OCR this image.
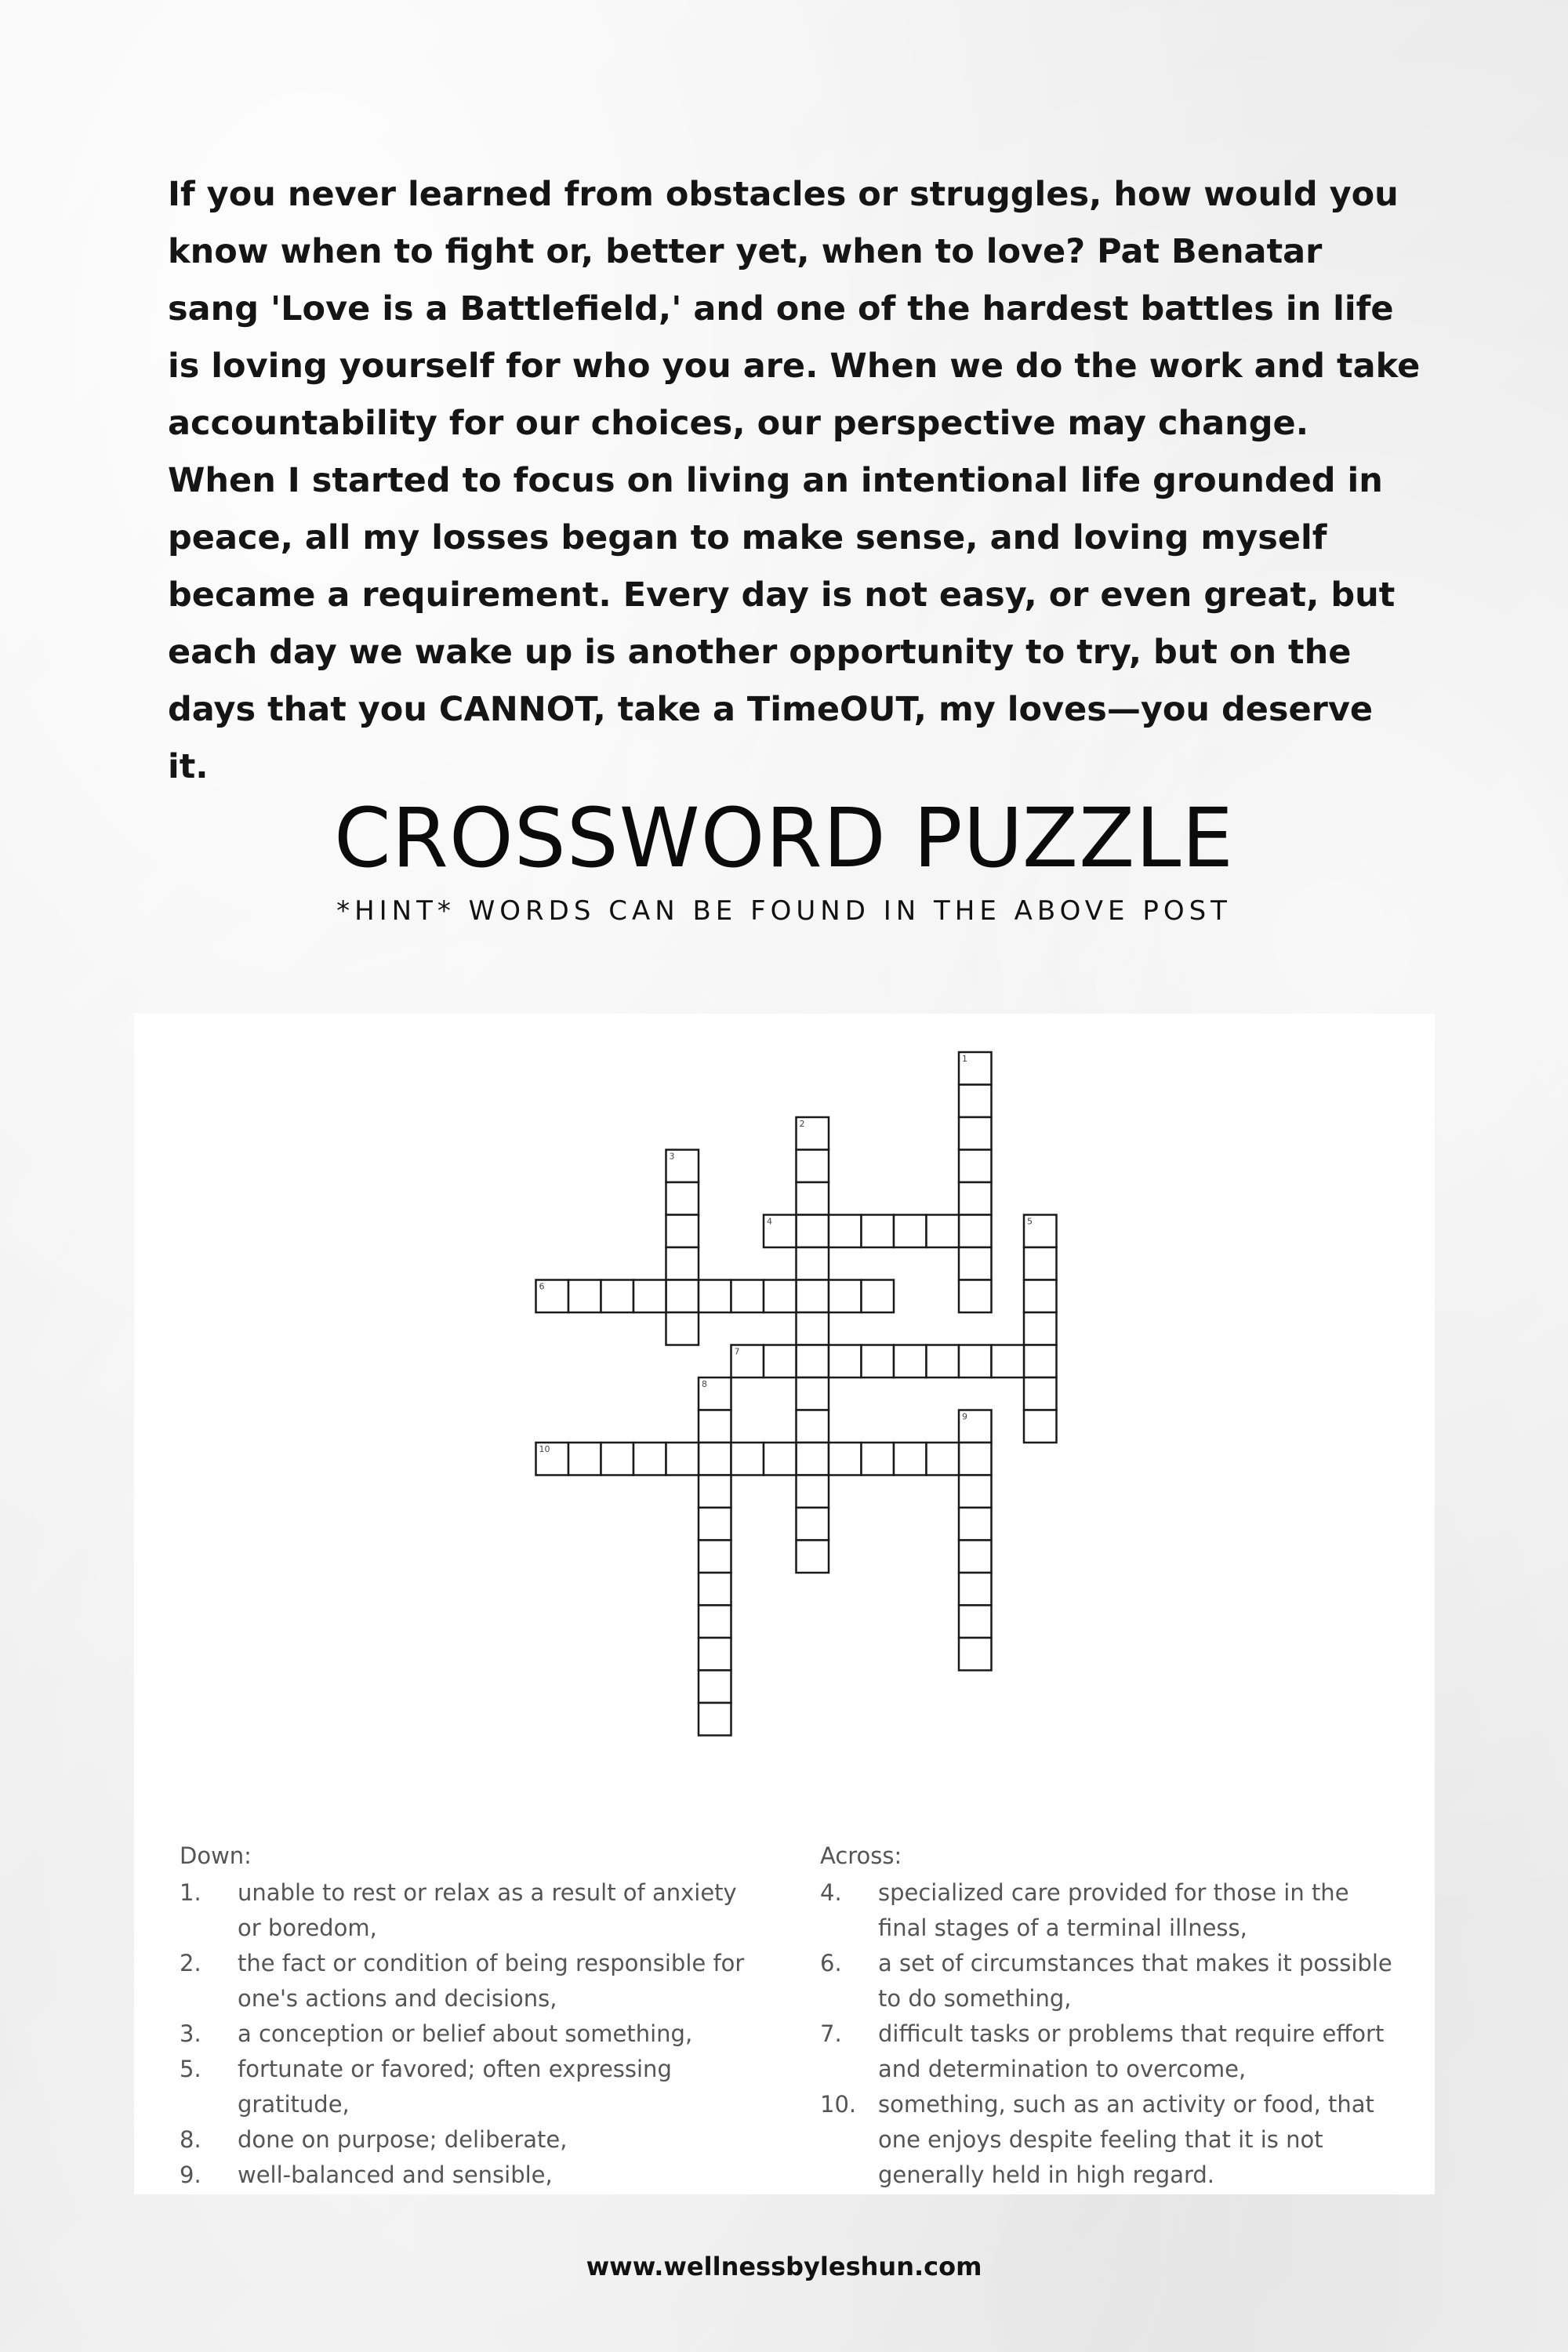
If you never learned from obstacles or struggles, how would you know when to fight or, better yet, when to love? Pat Benatar sang 'Love is a Battlefield,' and one of the hardest battles in life is loving yourself for who you are. When we do the work and take accountability for our choices, our perspective may change. When I started to focus on living an intentional life grounded in peace, all my losses began to make sense, and loving myself became a requirement. Every day is not easy, or even great, but each day we wake up is another opportunity to try, but on the days that you CANNOT, take a TimeOUT, my loves—you deserve it.

CROSSWORD PUZZLE

*HINT* WORDS CAN BE FOUND IN THE ABOVE POST

1
2
3
4	5
6
7
8
9
10

Down:

1.	unable to rest or relax as a result of anxiety or boredom,
2.	the fact or condition of being responsible for one's actions and decisions,
3.	a conception or belief about something,
5.	fortunate or favored; often expressing gratitude,
8.	done on purpose; deliberate,
9.	well-balanced and sensible,

Across:

4.	specialized care provided for those in the final stages of a terminal illness,
6.	a set of circumstances that makes it possible to do something,
7.	difficult tasks or problems that require effort and determination to overcome,
10. something, such as an activity or food, that one enjoys despite feeling that it is not generally held in high regard.

www.wellnessbyleshun.com
